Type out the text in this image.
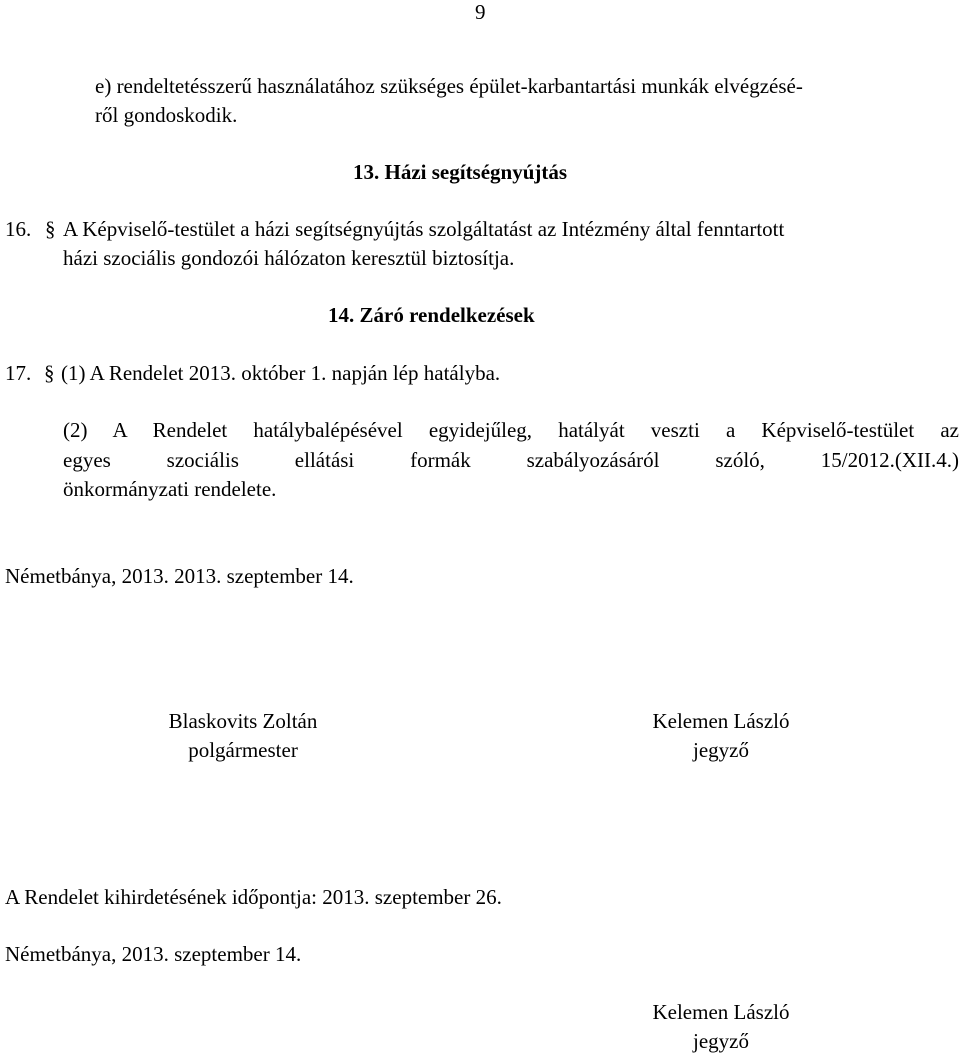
9
e) rendeltetésszerű használatához szükséges épület-karbantartási munkák elvégzésé-
ről gondoskodik.
13. Házi segítségnyújtás
16. § A Képviselő-testület a házi segítségnyújtás szolgáltatást az Intézmény által fenntartott
házi szociális gondozói hálózaton keresztül biztosítja.
14. Záró rendelkezések
17. § (1) A Rendelet 2013. október 1. napján lép hatályba.
(2) A Rendelet hatálybalépésével egyidejűleg, hatályát veszti a Képviselő-testület az
egyes szociális ellátási formák szabályozásáról szóló, 15/2012.(XII.4.)
önkormányzati rendelete.
Németbánya, 2013. 2013. szeptember 14.
Blaskovits Zoltán
polgármester
Kelemen László
jegyző
A Rendelet kihirdetésének időpontja: 2013. szeptember 26.
Németbánya, 2013. szeptember 14.
Kelemen László
jegyző
